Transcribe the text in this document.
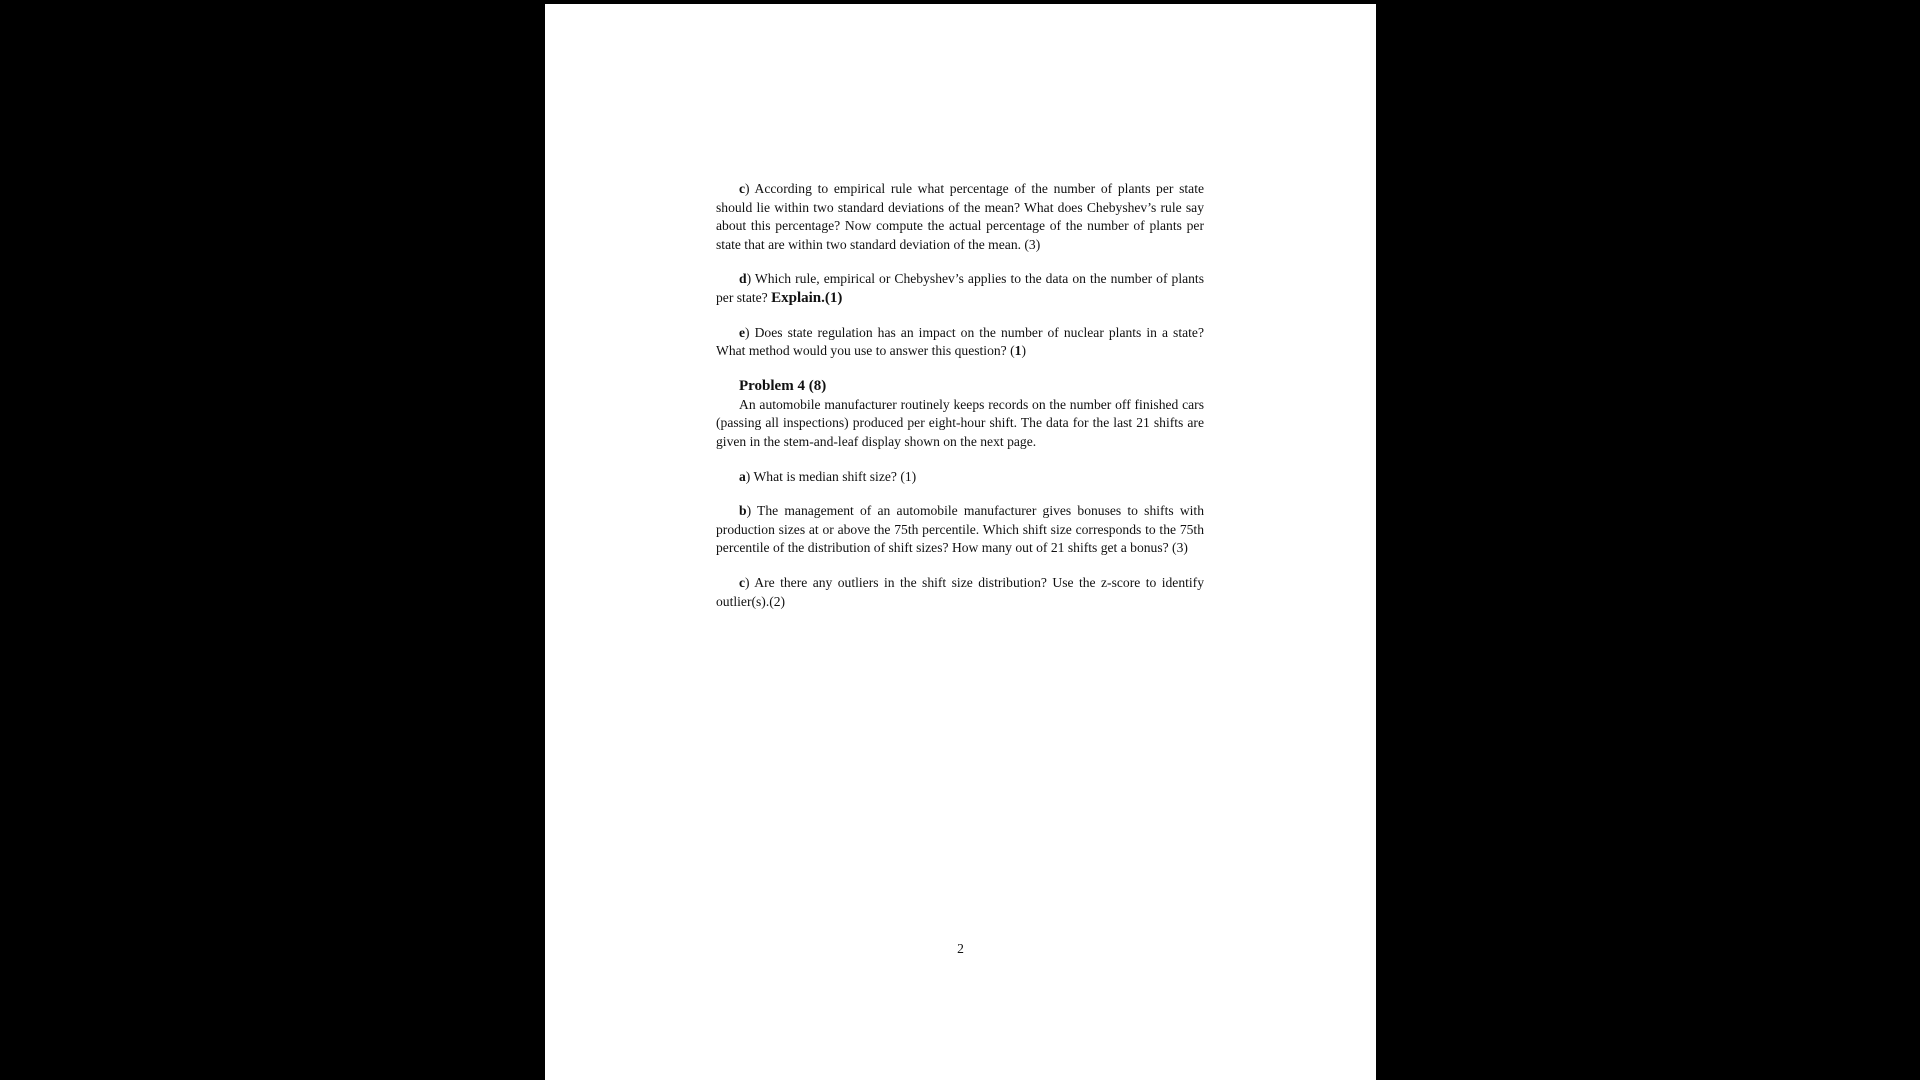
c) According to empirical rule what percentage of the number of plants per state should lie within two standard deviations of the mean? What does Chebyshev’s rule say about this percentage? Now compute the actual percentage of the number of plants per state that are within two standard deviation of the mean. (3)

d) Which rule, empirical or Chebyshev’s applies to the data on the number of plants per state? Explain.(1)

e) Does state regulation has an impact on the number of nuclear plants in a state? What method would you use to answer this question? (1)

Problem 4 (8)

An automobile manufacturer routinely keeps records on the number off finished cars (passing all inspections) produced per eight-hour shift. The data for the last 21 shifts are given in the stem-and-leaf display shown on the next page.

a) What is median shift size? (1)

b) The management of an automobile manufacturer gives bonuses to shifts with production sizes at or above the 75th percentile. Which shift size corresponds to the 75th percentile of the distribution of shift sizes? How many out of 21 shifts get a bonus? (3)

c) Are there any outliers in the shift size distribution? Use the z-score to identify outlier(s).(2)

2
